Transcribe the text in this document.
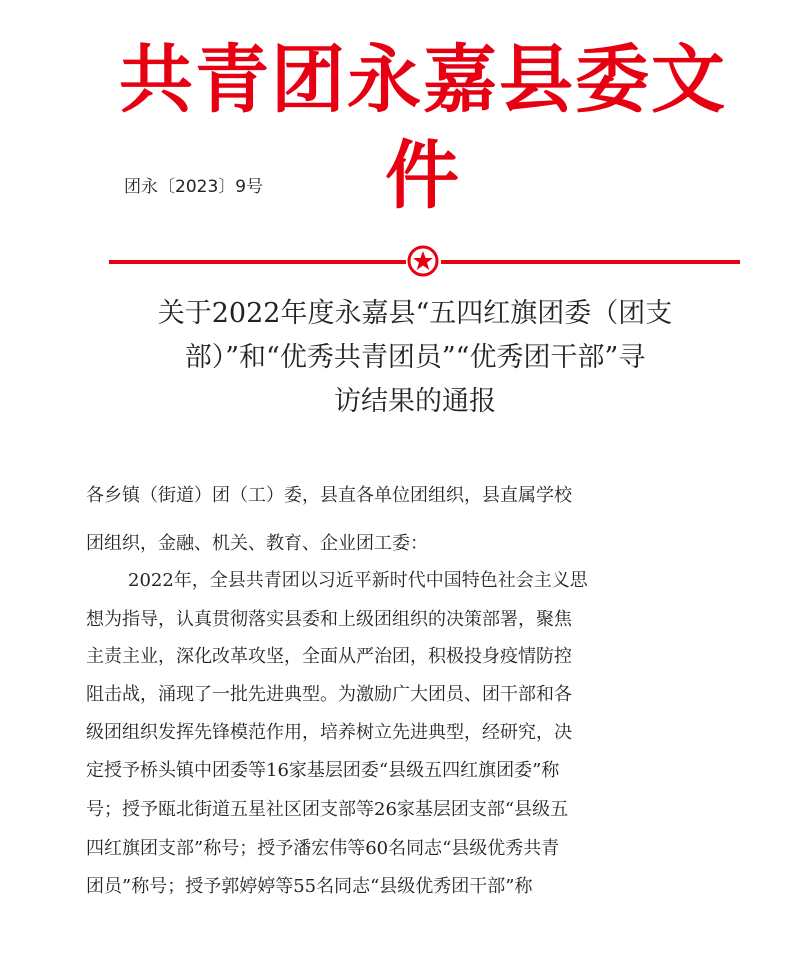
共青团永嘉县委文件
团永〔2023〕9号
关于2022年度永嘉县“五四红旗团委（团支
部）”和“优秀共青团员”“优秀团干部”寻
访结果的通报
各乡镇（街道）团（工）委，县直各单位团组织，县直属学校
团组织，金融、机关、教育、企业团工委：
2022年，全县共青团以习近平新时代中国特色社会主义思
想为指导，认真贯彻落实县委和上级团组织的决策部署，聚焦
主责主业，深化改革攻坚，全面从严治团，积极投身疫情防控
阻击战，涌现了一批先进典型。为激励广大团员、团干部和各
级团组织发挥先锋模范作用，培养树立先进典型，经研究，决
定授予桥头镇中团委等16家基层团委“县级五四红旗团委”称
号；授予瓯北街道五星社区团支部等26家基层团支部“县级五
四红旗团支部”称号；授予潘宏伟等60名同志“县级优秀共青
团员”称号；授予郭婷婷等55名同志“县级优秀团干部”称
